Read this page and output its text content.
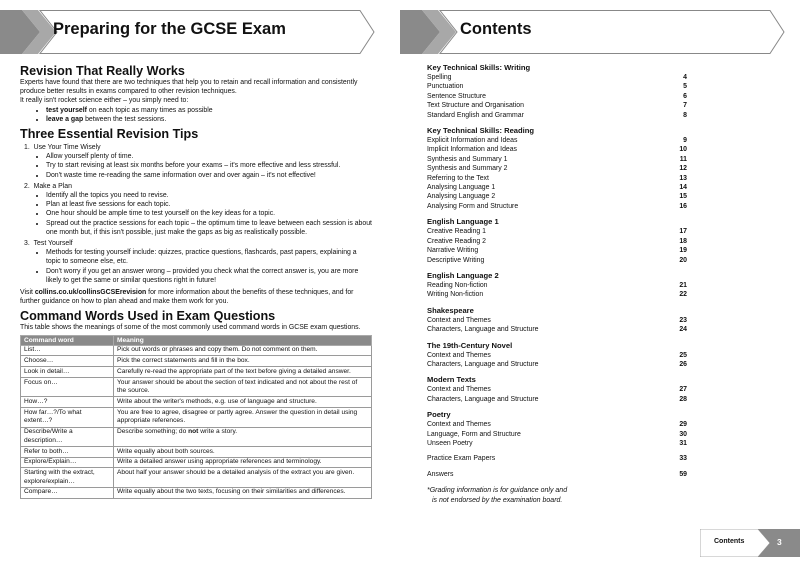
Preparing for the GCSE Exam
Revision That Really Works

Experts have found that there are two techniques that help you to retain and recall information and consistently produce better results in exams compared to other revision techniques.

It really isn't rocket science either – you simply need to:

• test yourself on each topic as many times as possible
• leave a gap between the test sessions.
Three Essential Revision Tips
1. Use Your Time Wisely
• Allow yourself plenty of time.
• Try to start revising at least six months before your exams – it's more effective and less stressful.
• Don't waste time re-reading the same information over and over again – it's not effective!
2. Make a Plan
• Identify all the topics you need to revise.
• Plan at least five sessions for each topic.
• One hour should be ample time to test yourself on the key ideas for a topic.
• Spread out the practice sessions for each topic – the optimum time to leave between each session is about one month but, if this isn't possible, just make the gaps as big as realistically possible.
3. Test Yourself
• Methods for testing yourself include: quizzes, practice questions, flashcards, past papers, explaining a topic to someone else, etc.
• Don't worry if you get an answer wrong – provided you check what the correct answer is, you are more likely to get the same or similar questions right in future!

Visit collins.co.uk/collinsGCSErevision for more information about the benefits of these techniques, and for further guidance on how to plan ahead and make them work for you.

Command Words Used in Exam Questions

This table shows the meanings of some of the most commonly used command words in GCSE exam questions.

Command word	Meaning
List…	Pick out words or phrases and copy them. Do not comment on them.
Choose…	Pick the correct statements and fill in the box.
Look in detail…	Carefully re-read the appropriate part of the text before giving a detailed answer.
Focus on…	Your answer should be about the section of text indicated and not about the rest of the source.
How…?	Write about the writer's methods, e.g. use of language and structure.
How far…?/To what extent…?	You are free to agree, disagree or partly agree. Answer the question in detail using appropriate references.
Describe/Write a description…	Describe something; do not write a story.
Refer to both…	Write equally about both sources.
Explore/Explain…	Write a detailed answer using appropriate references and terminology.
Starting with the extract, explore/explain…	About half your answer should be a detailed analysis of the extract you are given.
Compare…	Write equally about the two texts, focusing on their similarities and differences.
Contents
Key Technical Skills: Writing
Spelling	4
Punctuation	5
Sentence Structure	6
Text Structure and Organisation	7
Standard English and Grammar	8
Key Technical Skills: Reading
Explicit Information and Ideas	9
Implicit Information and Ideas	10
Synthesis and Summary 1	11
Synthesis and Summary 2	12
Referring to the Text	13
Analysing Language 1	14
Analysing Language 2	15
Analysing Form and Structure	16
English Language 1
Creative Reading 1	17
Creative Reading 2	18
Narrative Writing	19
Descriptive Writing	20
English Language 2
Reading Non-fiction	21
Writing Non-fiction	22
Shakespeare
Context and Themes	23
Characters, Language and Structure	24
The 19th-Century Novel
Context and Themes	25
Characters, Language and Structure	26
Modern Texts
Context and Themes	27
Characters, Language and Structure	28
Poetry
Context and Themes	29
Language, Form and Structure	30
Unseen Poetry	31
Practice Exam Papers	33
Answers	59
*Grading information is for guidance only and
is not endorsed by the examination board.
Contents	3
